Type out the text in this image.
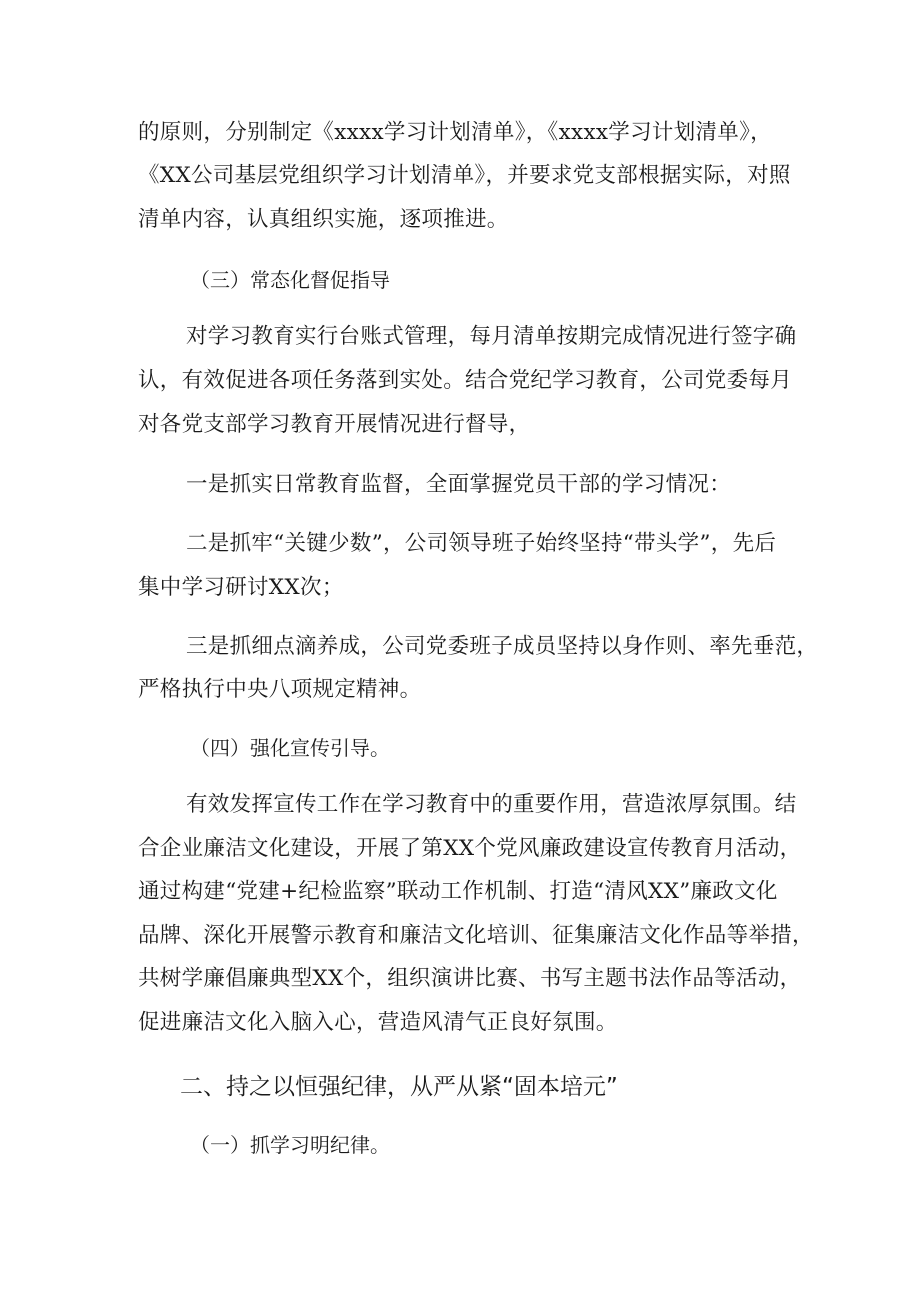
的原则，分别制定《xxxx学习计划清单》，《xxxx学习计划清单》，
《XX公司基层党组织学习计划清单》，并要求党支部根据实际，对照
清单内容，认真组织实施，逐项推进。
（三）常态化督促指导
对学习教育实行台账式管理，每月清单按期完成情况进行签字确
认，有效促进各项任务落到实处。结合党纪学习教育，公司党委每月
对各党支部学习教育开展情况进行督导，
一是抓实日常教育监督，全面掌握党员干部的学习情况：
二是抓牢“关键少数”，公司领导班子始终坚持“带头学”，先后
集中学习研讨XX次；
三是抓细点滴养成，公司党委班子成员坚持以身作则、率先垂范，
严格执行中央八项规定精神。
（四）强化宣传引导。
有效发挥宣传工作在学习教育中的重要作用，营造浓厚氛围。结
合企业廉洁文化建设，开展了第XX个党风廉政建设宣传教育月活动，
通过构建“党建+纪检监察”联动工作机制、打造“清风XX”廉政文化
品牌、深化开展警示教育和廉洁文化培训、征集廉洁文化作品等举措，
共树学廉倡廉典型XX个，组织演讲比赛、书写主题书法作品等活动，
促进廉洁文化入脑入心，营造风清气正良好氛围。
二、持之以恒强纪律，从严从紧“固本培元”
（一）抓学习明纪律。
